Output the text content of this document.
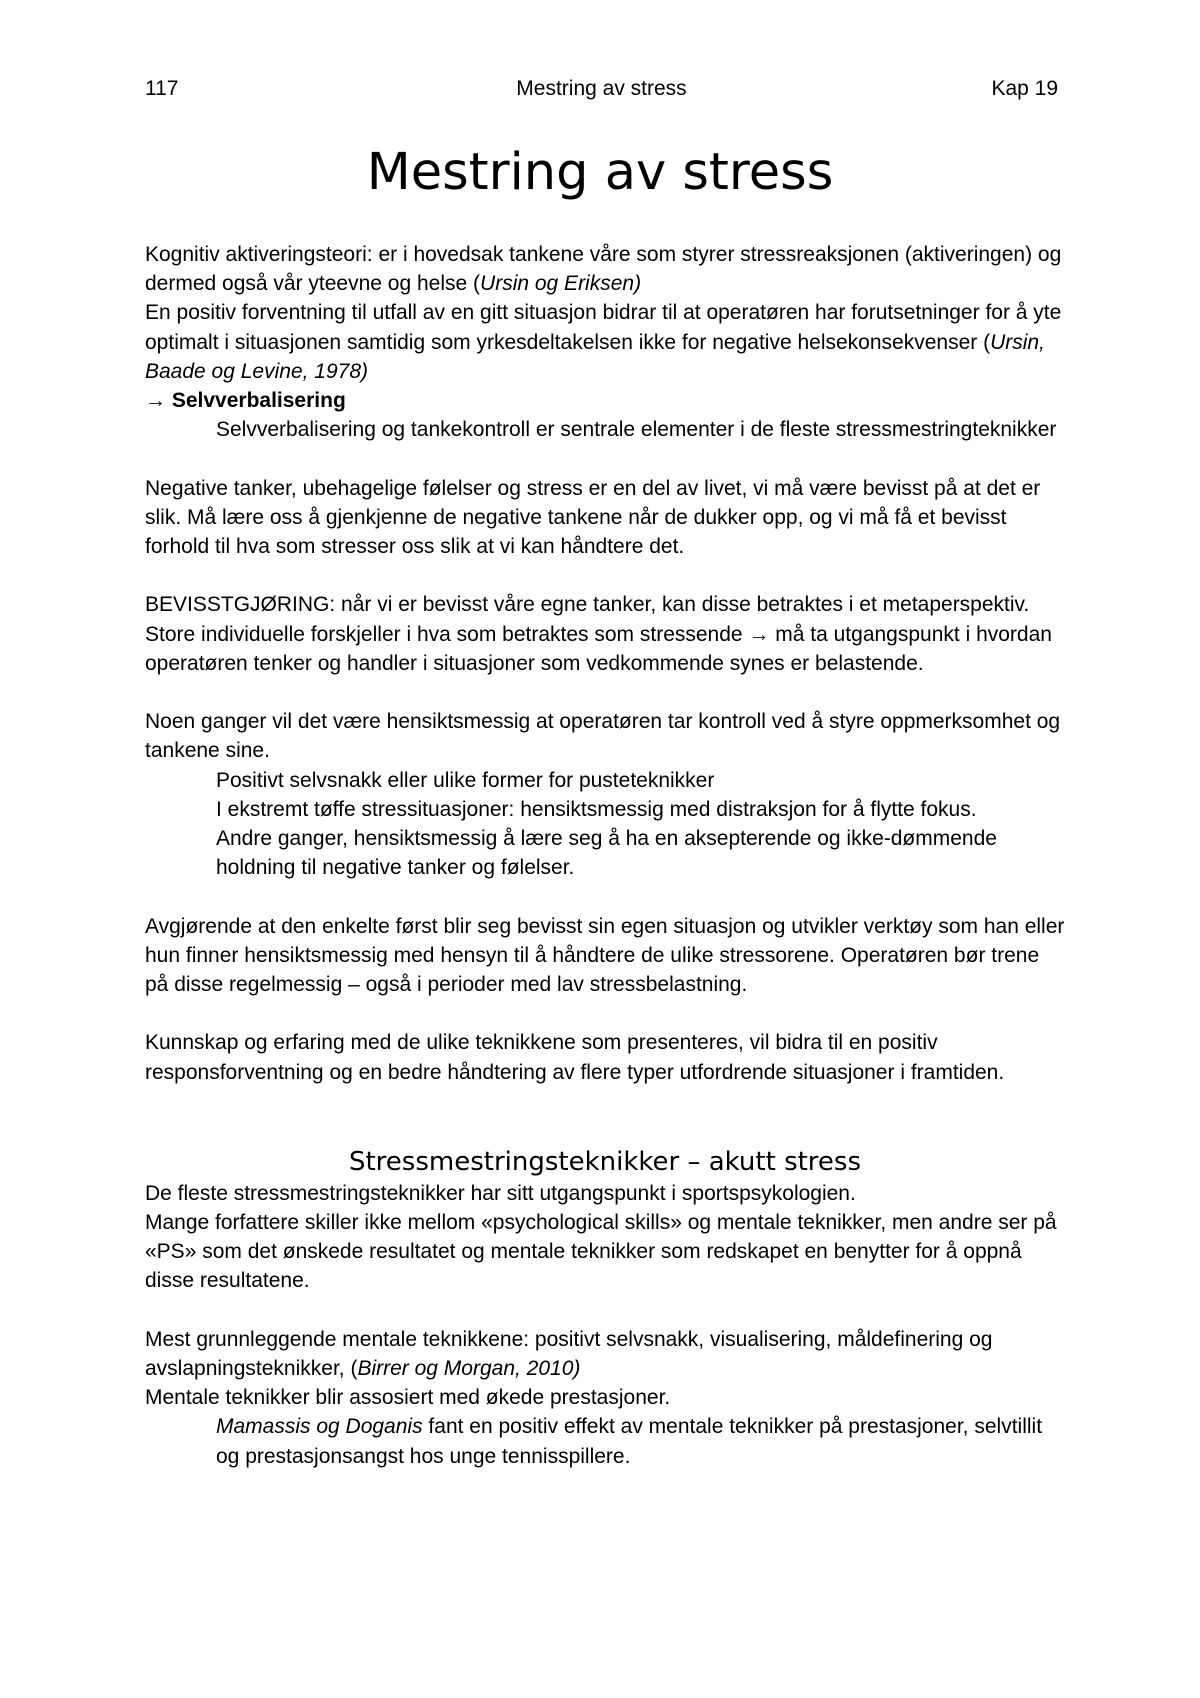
117	Mestring av stress	Kap 19
Mestring av stress

Kognitiv aktiveringsteori: er i hovedsak tankene våre som styrer stressreaksjonen (aktiveringen) og dermed også vår yteevne og helse (Ursin og Eriksen)

En positiv forventning til utfall av en gitt situasjon bidrar til at operatøren har forutsetninger for å yte optimalt i situasjonen samtidig som yrkesdeltakelsen ikke for negative helsekonsekvenser (Ursin, Baade og Levine, 1978)

→ Selvverbalisering

Selvverbalisering og tankekontroll er sentrale elementer i de fleste stressmestringteknikker

Negative tanker, ubehagelige følelser og stress er en del av livet, vi må være bevisst på at det er slik. Må lære oss å gjenkjenne de negative tankene når de dukker opp, og vi må få et bevisst forhold til hva som stresser oss slik at vi kan håndtere det.

BEVISSTGJØRING: når vi er bevisst våre egne tanker, kan disse betraktes i et metaperspektiv.
Store individuelle forskjeller i hva som betraktes som stressende → må ta utgangspunkt i hvordan operatøren tenker og handler i situasjoner som vedkommende synes er belastende.

Noen ganger vil det være hensiktsmessig at operatøren tar kontroll ved å styre oppmerksomhet og tankene sine.

Positivt selvsnakk eller ulike former for pusteteknikker

I ekstremt tøffe stressituasjoner: hensiktsmessig med distraksjon for å flytte fokus.

Andre ganger, hensiktsmessig å lære seg å ha en aksepterende og ikke-dømmende holdning til negative tanker og følelser.

Avgjørende at den enkelte først blir seg bevisst sin egen situasjon og utvikler verktøy som han eller hun finner hensiktsmessig med hensyn til å håndtere de ulike stressorene. Operatøren bør trene på disse regelmessig – også i perioder med lav stressbelastning.

Kunnskap og erfaring med de ulike teknikkene som presenteres, vil bidra til en positiv responsforventning og en bedre håndtering av flere typer utfordrende situasjoner i framtiden.

Stressmestringsteknikker – akutt stress

De fleste stressmestringsteknikker har sitt utgangspunkt i sportspsykologien.

Mange forfattere skiller ikke mellom «psychological skills» og mentale teknikker, men andre ser på «PS» som det ønskede resultatet og mentale teknikker som redskapet en benytter for å oppnå disse resultatene.

Mest grunnleggende mentale teknikkene: positivt selvsnakk, visualisering, måldefinering og avslapningsteknikker, (Birrer og Morgan, 2010)

Mentale teknikker blir assosiert med økede prestasjoner.

Mamassis og Doganis fant en positiv effekt av mentale teknikker på prestasjoner, selvtillit og prestasjonsangst hos unge tennisspillere.
